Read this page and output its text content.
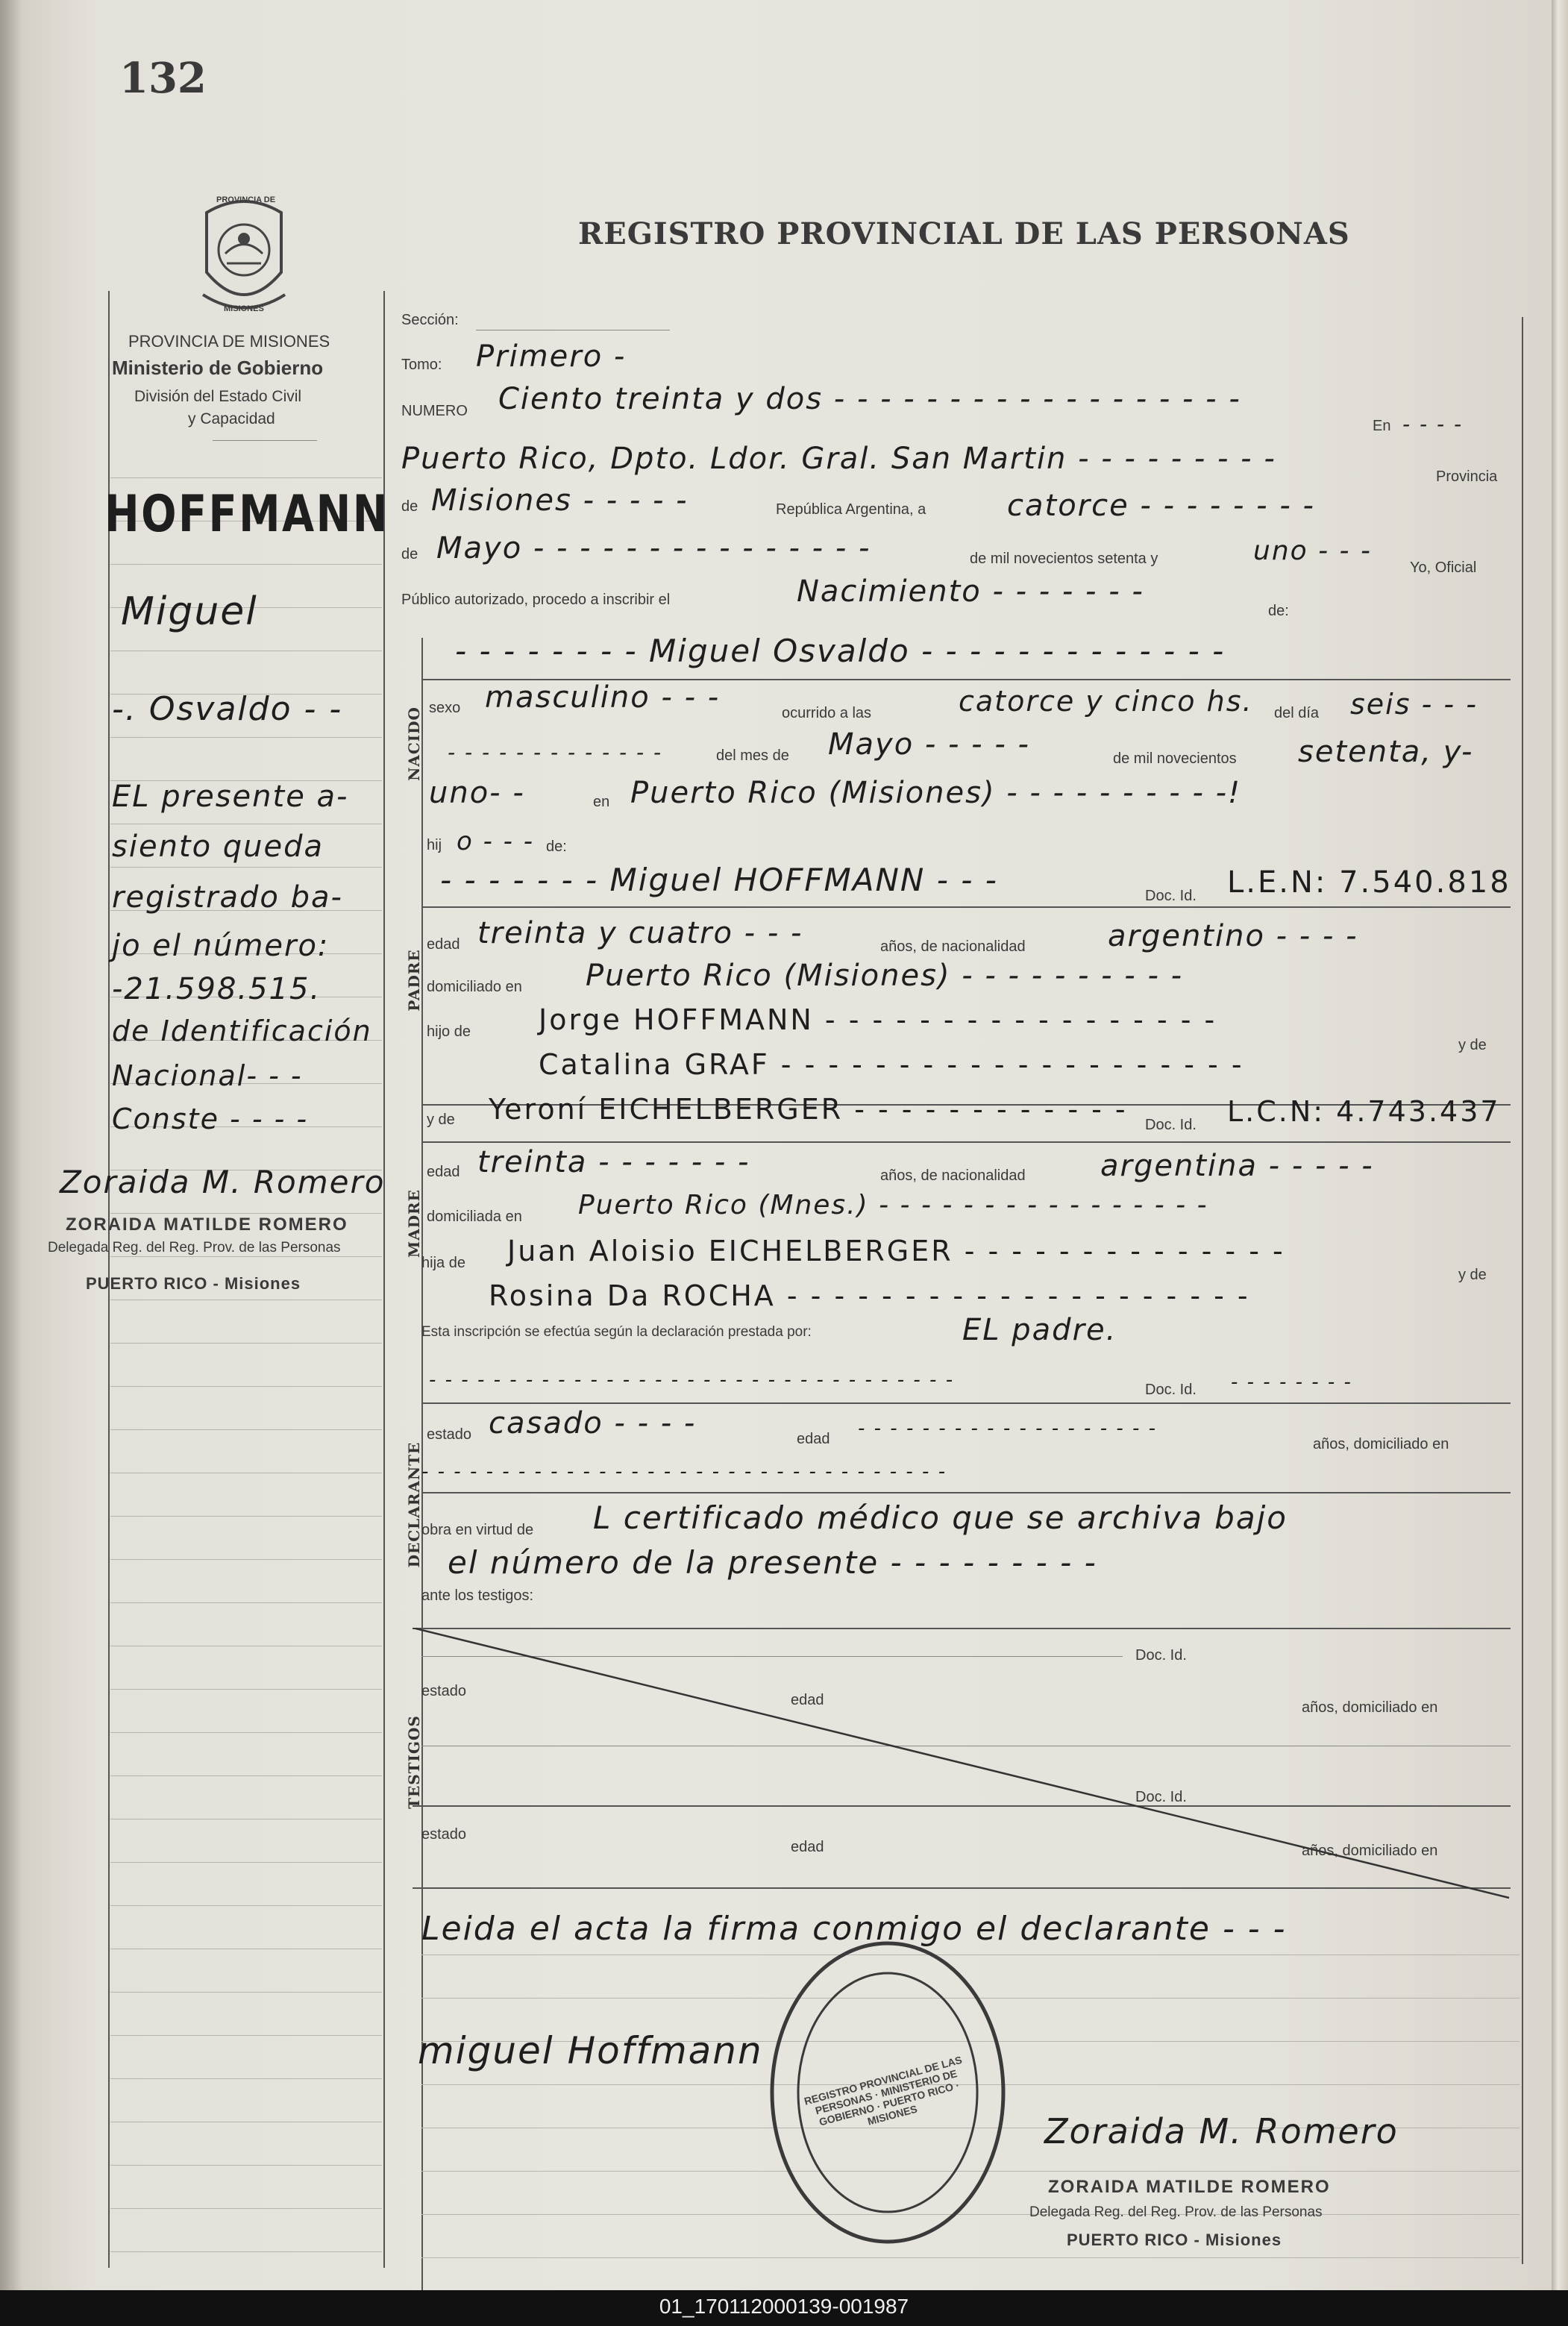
132
PROVINCIA DE
MISIONES
REGISTRO PROVINCIAL DE LAS PERSONAS
PROVINCIA DE MISIONES
Ministerio de Gobierno
División del Estado Civil
y Capacidad
HOFFMANN
Miguel
-. Osvaldo - -
EL presente a-
siento queda
registrado ba-
jo el número:
-21.598.515.
de Identificación
Nacional- - -
Conste - - - -
Zoraida M. Romero
ZORAIDA MATILDE ROMERO
Delegada Reg. del Reg. Prov. de las Personas
PUERTO RICO - Misiones
Sección:
Tomo: Primero -
NUMERO Ciento treinta y dos - - - - - - - - - - - - - - - - - -
En - - - -
Puerto Rico, Dpto. Ldor. Gral. San Martin - - - - - - - - -
Provincia
de Misiones - - - - -	República Argentina, a	catorce - - - - - - - -
de Mayo - - - - - - - - - - - - - - -	de mil novecientos setenta y	uno - - -
Yo, Oficial
Público autorizado, procedo a inscribir el	Nacimiento - - - - - - -
de:
- - - - - - - - Miguel Osvaldo - - - - - - - - - - - - -
NACIDO sexo masculino - - -	ocurrido a las	catorce y cinco hs. del día seis - - -
- - - - - - - - - - - - -	del mes de Mayo - - - - -	de mil novecientos setenta, y-
uno- -	en Puerto Rico (Misiones) - - - - - - - - - -!
hij o - - - de:
- - - - - - - Miguel HOFFMANN - - -	Doc. Id. L.E.N: 7.540.818
PADRE
edad treinta y cuatro - - -	años, de nacionalidad	argentino - - - -
domiciliado en Puerto Rico (Misiones) - - - - - - - - - -
hijo de Jorge HOFFMANN - - - - - - - - - - - - - - - - -
Catalina GRAF - - - - - - - - - - - - - - - - - - - -
y de
y de Yeroní EICHELBERGER - - - - - - - - - - - - Doc. Id. L.C.N: 4.743.437
MADRE
edad treinta - - - - - - -	años, de nacionalidad	argentina - - - - -
domiciliada en Puerto Rico (Mnes.) - - - - - - - - - - - - - - - -
hija de Juan Aloisio EICHELBERGER - - - - - - - - - - - - - -
y de
Rosina Da ROCHA - - - - - - - - - - - - - - - - - - - -
Esta inscripción se efectúa según la declaración prestada por:	EL padre.
- - - - - - - - - - - - - - - - - - - - - - - - - - - - - - - - -	Doc. Id. - - - - - - - -
DECLARANTE
estado casado - - - -	edad - - - - - - - - - - - - - - - - - - -
años, domiciliado en
- - - - - - - - - - - - - - - - - - - - - - - - - - - - - - - - -
obra en virtud de L certificado médico que se archiva bajo
el número de la presente - - - - - - - - -
ante los testigos:
TESTIGOS
Doc. Id.
estado
edad	años, domiciliado en
Doc. Id.
estado
edad	años, domiciliado en
Leida el acta la firma conmigo el declarante - - -
miguel Hoffmann
REGISTRO PROVINCIAL DE LAS PERSONAS · MINISTERIO DE GOBIERNO · PUERTO RICO · MISIONES	Zoraida M. Romero
ZORAIDA MATILDE ROMERO
Delegada Reg. del Reg. Prov. de las Personas
PUERTO RICO - Misiones
01_170112000139-001987
